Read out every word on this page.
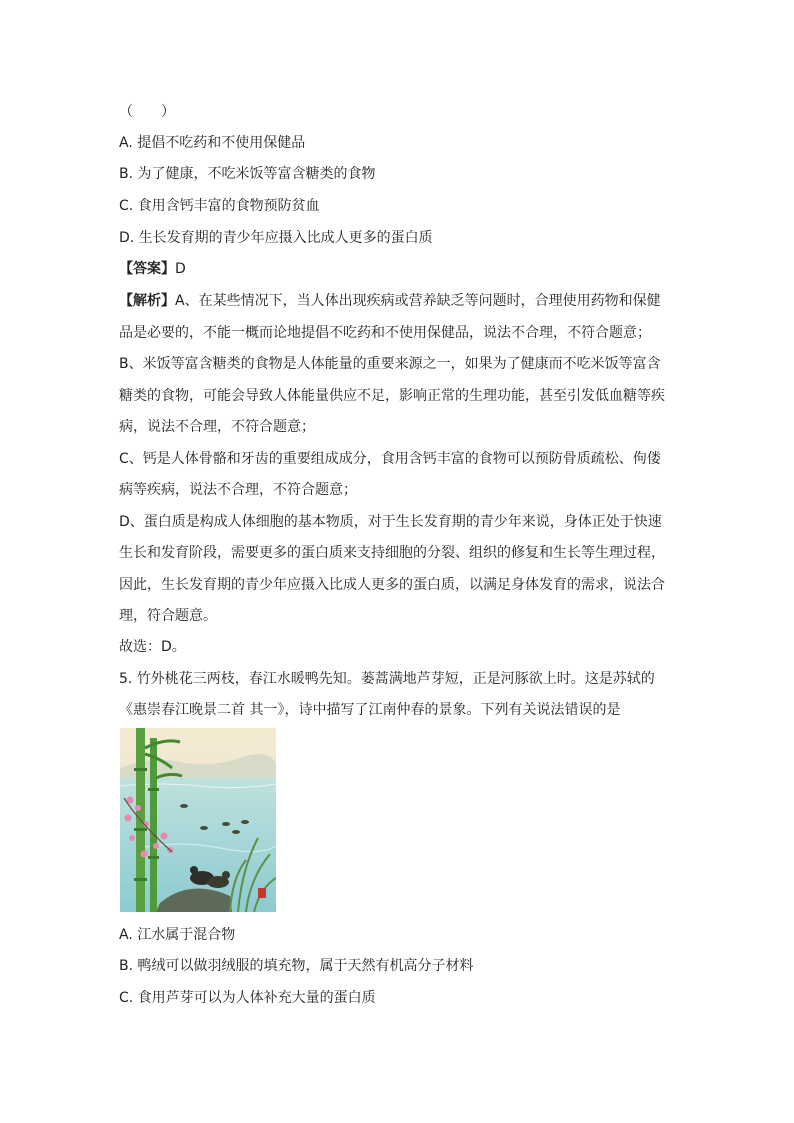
（　　）
A. 提倡不吃药和不使用保健品
B. 为了健康，不吃米饭等富含糖类的食物
C. 食用含钙丰富的食物预防贫血
D. 生长发育期的青少年应摄入比成人更多的蛋白质
【答案】D
【解析】A、在某些情况下，当人体出现疾病或营养缺乏等问题时，合理使用药物和保健
品是必要的，不能一概而论地提倡不吃药和不使用保健品，说法不合理，不符合题意；
B、米饭等富含糖类的食物是人体能量的重要来源之一，如果为了健康而不吃米饭等富含
糖类的食物，可能会导致人体能量供应不足，影响正常的生理功能，甚至引发低血糖等疾
病，说法不合理，不符合题意；
C、钙是人体骨骼和牙齿的重要组成成分，食用含钙丰富的食物可以预防骨质疏松、佝偻
病等疾病，说法不合理，不符合题意；
D、蛋白质是构成人体细胞的基本物质，对于生长发育期的青少年来说，身体正处于快速
生长和发育阶段，需要更多的蛋白质来支持细胞的分裂、组织的修复和生长等生理过程，
因此，生长发育期的青少年应摄入比成人更多的蛋白质，以满足身体发育的需求，说法合
理，符合题意。
故选：D。
5. 竹外桃花三两枝，春江水暖鸭先知。蒌蒿满地芦芽短，正是河豚欲上时。这是苏轼的
《惠崇春江晚景二首 其一》，诗中描写了江南仲春的景象。下列有关说法错误的是
A. 江水属于混合物
B. 鸭绒可以做羽绒服的填充物，属于天然有机高分子材料
C. 食用芦芽可以为人体补充大量的蛋白质
